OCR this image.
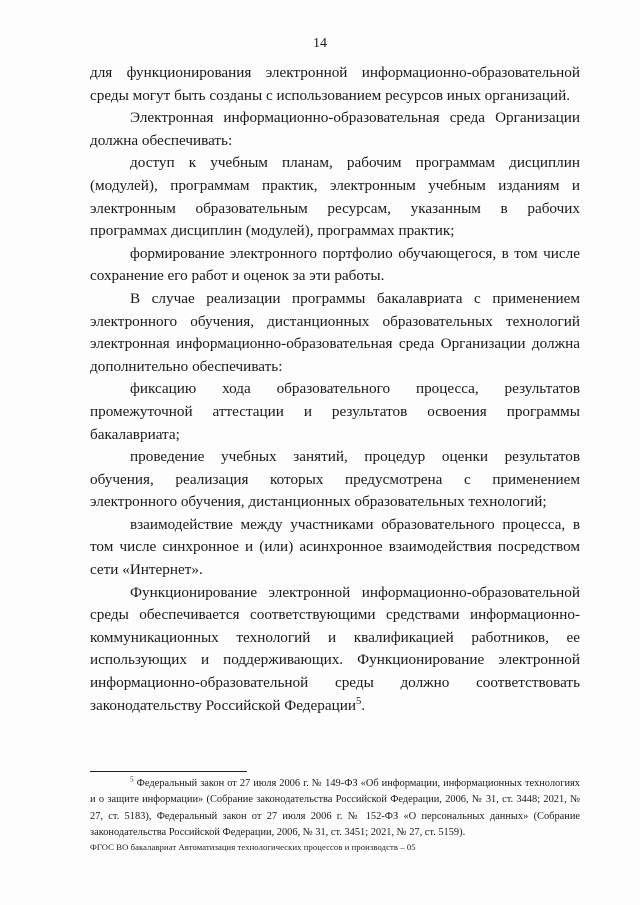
14

для функционирования электронной информационно-образовательной среды могут быть созданы с использованием ресурсов иных организаций.

Электронная информационно-образовательная среда Организации должна обеспечивать:

доступ к учебным планам, рабочим программам дисциплин (модулей), программам практик, электронным учебным изданиям и электронным образовательным ресурсам, указанным в рабочих программах дисциплин (модулей), программах практик;

формирование электронного портфолио обучающегося, в том числе сохранение его работ и оценок за эти работы.

В случае реализации программы бакалавриата с применением электронного обучения, дистанционных образовательных технологий электронная информационно-образовательная среда Организации должна дополнительно обеспечивать:

фиксацию хода образовательного процесса, результатов промежуточной аттестации и результатов освоения программы бакалавриата;

проведение учебных занятий, процедур оценки результатов обучения, реализация которых предусмотрена с применением электронного обучения, дистанционных образовательных технологий;

взаимодействие между участниками образовательного процесса, в том числе синхронное и (или) асинхронное взаимодействия посредством сети «Интернет».

Функционирование электронной информационно-образовательной среды обеспечивается соответствующими средствами информационно-коммуникационных технологий и квалификацией работников, ее использующих и поддерживающих. Функционирование электронной информационно-образовательной среды должно соответствовать законодательству Российской Федерации$^5$.

$^5$ Федеральный закон от 27 июля 2006 г. № 149-ФЗ «Об информации, информационных технологиях и о защите информации» (Собрание законодательства Российской Федерации, 2006, № 31, ст. 3448; 2021, № 27, ст. 5183), Федеральный закон от 27 июля 2006 г. № 152-ФЗ «О персональных данных» (Собрание законодательства Российской Федерации, 2006, № 31, ст. 3451; 2021, № 27, ст. 5159).
ФГОС ВО бакалавриат Автоматизация технологических процессов и производств – 05
